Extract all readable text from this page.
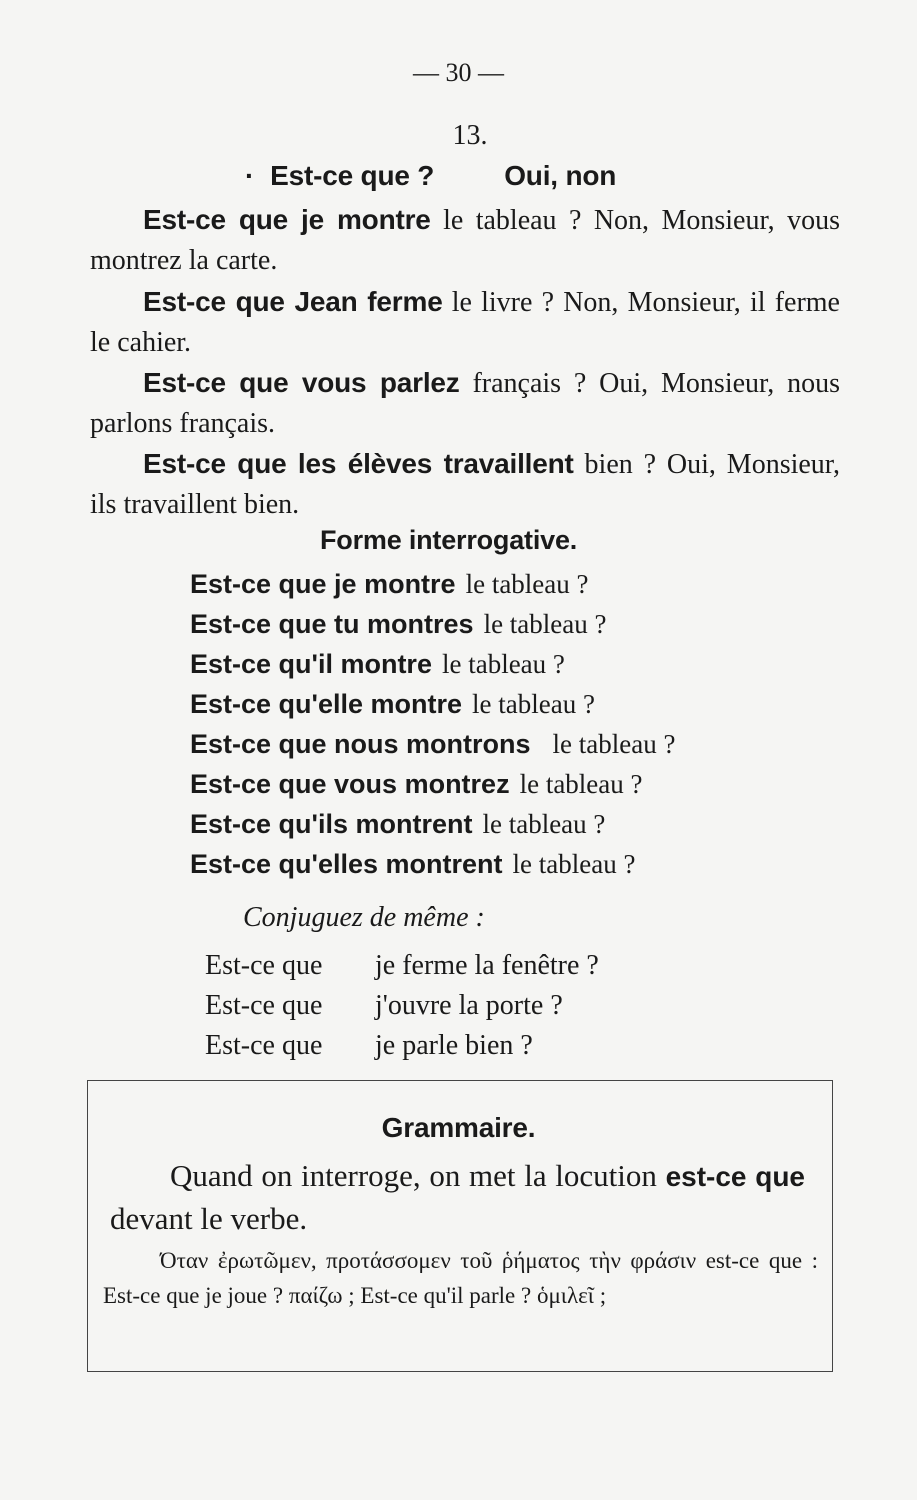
— 30 —
13.
· Est-ce que ?	Oui, non
Est-ce que je montre le tableau ? Non, Monsieur, vous montrez la carte.
Est-ce que Jean ferme le livre ? Non, Monsieur, il ferme le cahier.
Est-ce que vous parlez français ? Oui, Monsieur, nous parlons français.
Est-ce que les élèves travaillent bien ? Oui, Monsieur, ils travaillent bien.
Forme interrogative.
Est-ce que je montre le tableau ?
Est-ce que tu montres le tableau ?
Est-ce qu'il montre le tableau ?
Est-ce qu'elle montre le tableau ?
Est-ce que nous montrons le tableau ?
Est-ce que vous montrez le tableau ?
Est-ce qu'ils montrent le tableau ?
Est-ce qu'elles montrent le tableau ?
Conjuguez de même :
Est-ce que je ferme la fenêtre ?
Est-ce que j'ouvre la porte ?
Est-ce que je parle bien ?
Grammaire.
Quand on interroge, on met la locution est-ce que devant le verbe.
Όταν ἐρωτῶμεν, προτάσσομεν τοῦ ῥήματος τὴν φράσιν est-ce que : Est-ce que je joue ? παίζω ; Est-ce qu'il parle ? ὁμιλεῖ ;
